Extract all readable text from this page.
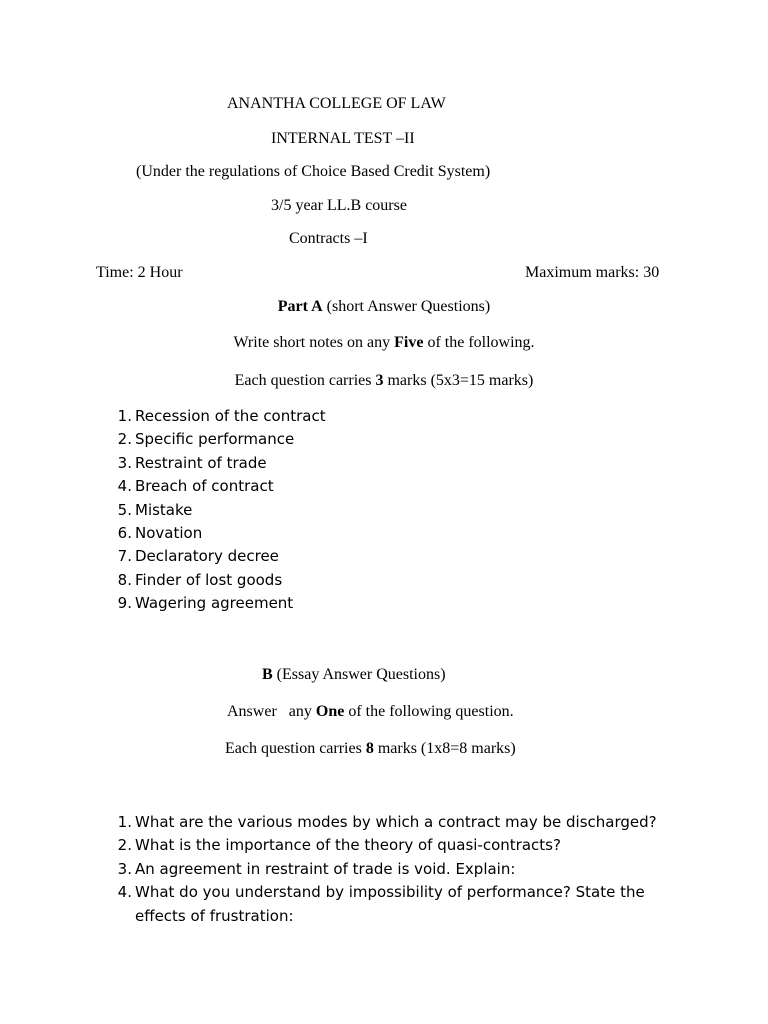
ANANTHA COLLEGE OF LAW
INTERNAL TEST –II
(Under the regulations of Choice Based Credit System)
3/5 year LL.B course
Contracts –I
Time: 2 Hour	Maximum marks: 30
Part A (short Answer Questions)
Write short notes on any Five of the following.
Each question carries 3 marks (5x3=15 marks)
1 . Recession of the contract
2 . Specific performance
3 . Restraint of trade
4 . Breach of contract
5 . Mistake
6 . Novation
7 . Declaratory decree
8 . Finder of lost goods
9 . Wagering agreement
B (Essay Answer Questions)
Answer   any One of the following question.
Each question carries 8 marks (1x8=8 marks)
1 . What are the various modes by which a contract may be discharged?
2 . What is the importance of the theory of quasi-contracts?
3 . An agreement in restraint of trade is void. Explain:
4 . What do you understand by impossibility of performance? State the effects of frustration:
